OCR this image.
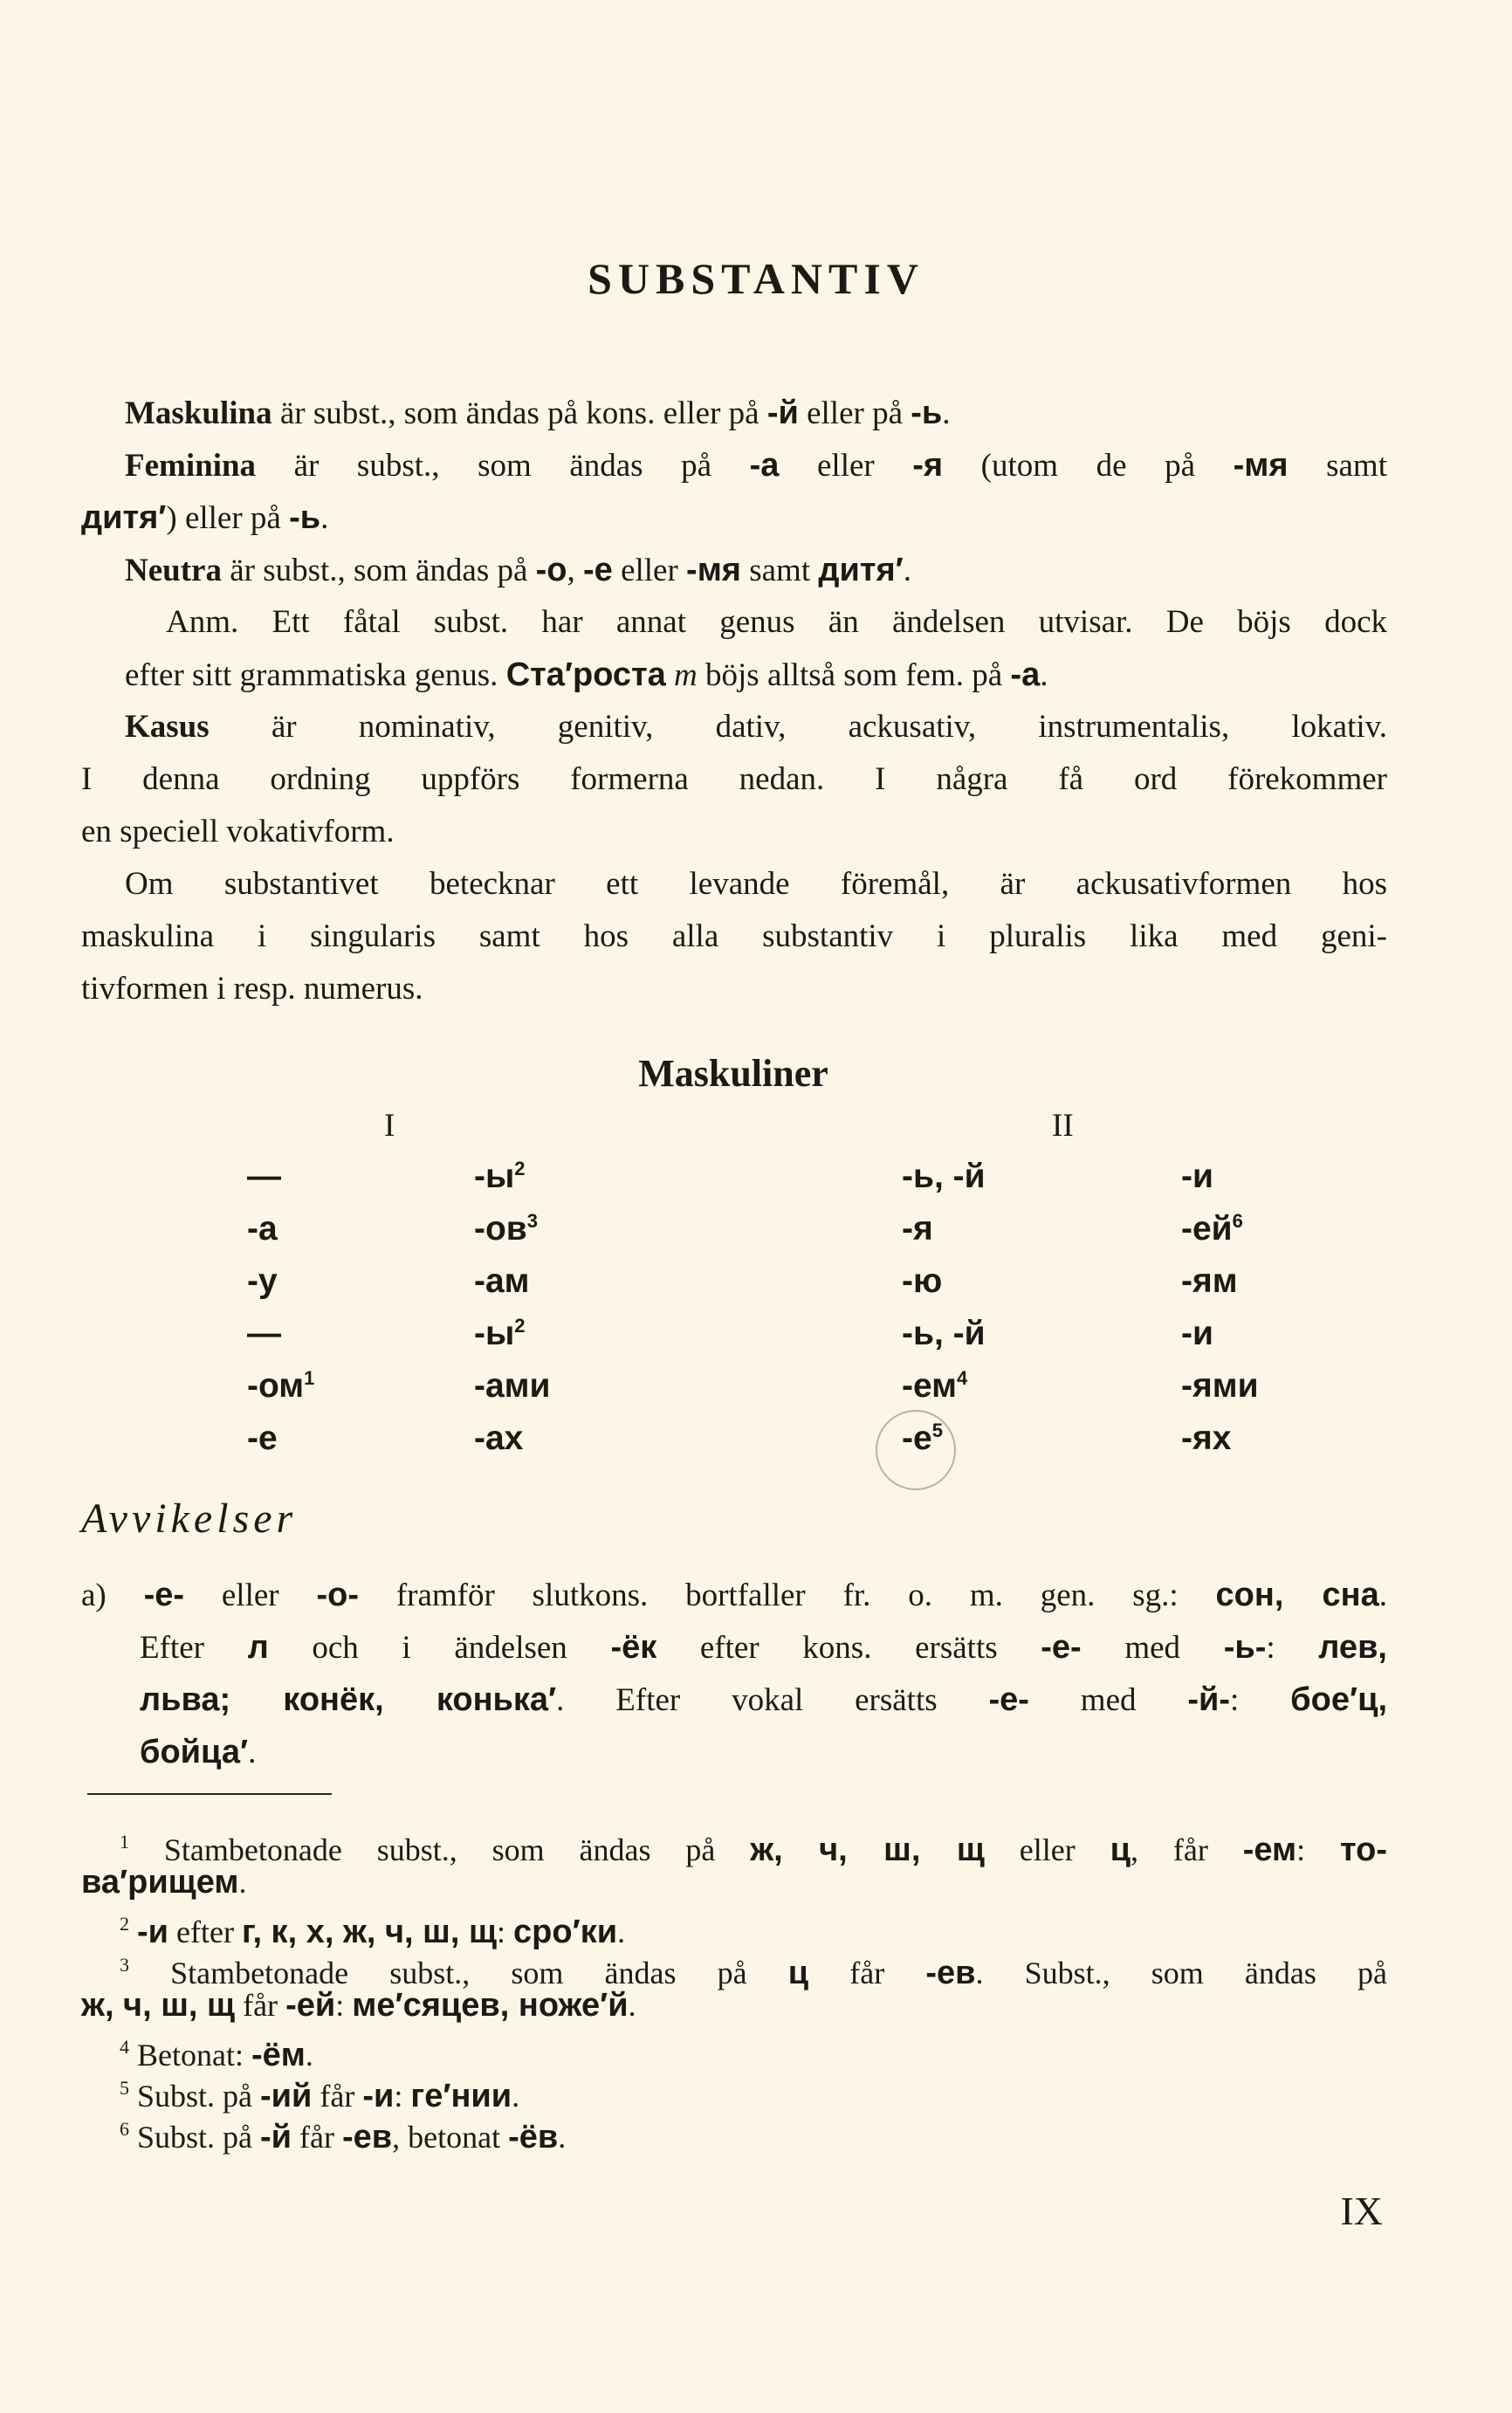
SUBSTANTIV
Maskulina är subst., som ändas på kons. eller på -й eller på -ь.
Feminina är subst., som ändas på -а eller -я (utom de på -мя samt
дитя′) eller på -ь.
Neutra är subst., som ändas på -о, -е eller -мя samt дитя′.
Anm. Ett fåtal subst. har annat genus än ändelsen utvisar. De böjs dock
efter sitt grammatiska genus. Ста′роста m böjs alltså som fem. på -а.
Kasus är nominativ, genitiv, dativ, ackusativ, instrumentalis, lokativ.
I denna ordning uppförs formerna nedan. I några få ord förekommer
en speciell vokativform.
Om substantivet betecknar ett levande föremål, är ackusativformen hos
maskulina i singularis samt hos alla substantiv i pluralis lika med geni-
tivformen i resp. numerus.
Maskuliner
I	II
—	$-ы^2$	-ь, -й	-и
-а	$-ов^3$	-я	$-ей^6$
-у	-ам	-ю	-ям
—	$-ы^2$	-ь, -й	-и
$-ом^1$	-ами	$-ем^4$	-ями
-е	-ах	$-е^5$	-ях
Avvikelser
a) -е- eller -о- framför slutkons. bortfaller fr. o. m. gen. sg.: сон, сна.
Efter л och i ändelsen -ёк efter kons. ersätts -е- med -ь-: лев,
льва; конёк, конька′. Efter vokal ersätts -е- med -й-: бое′ц,
бойца′.
$^1$ Stambetonade subst., som ändas på ж, ч, ш, щ eller ц, får -ем: то-
ва′рищем.
$^2$ -и efter г, к, х, ж, ч, ш, щ: сро′ки.
$^3$ Stambetonade subst., som ändas på ц får -ев. Subst., som ändas på
ж, ч, ш, щ får -ей: ме′сяцев, ноже′й.
$^4$ Betonat: -ём.
$^5$ Subst. på -ий får -и: ге′нии.
$^6$ Subst. på -й får -ев, betonat -ёв.
IX
